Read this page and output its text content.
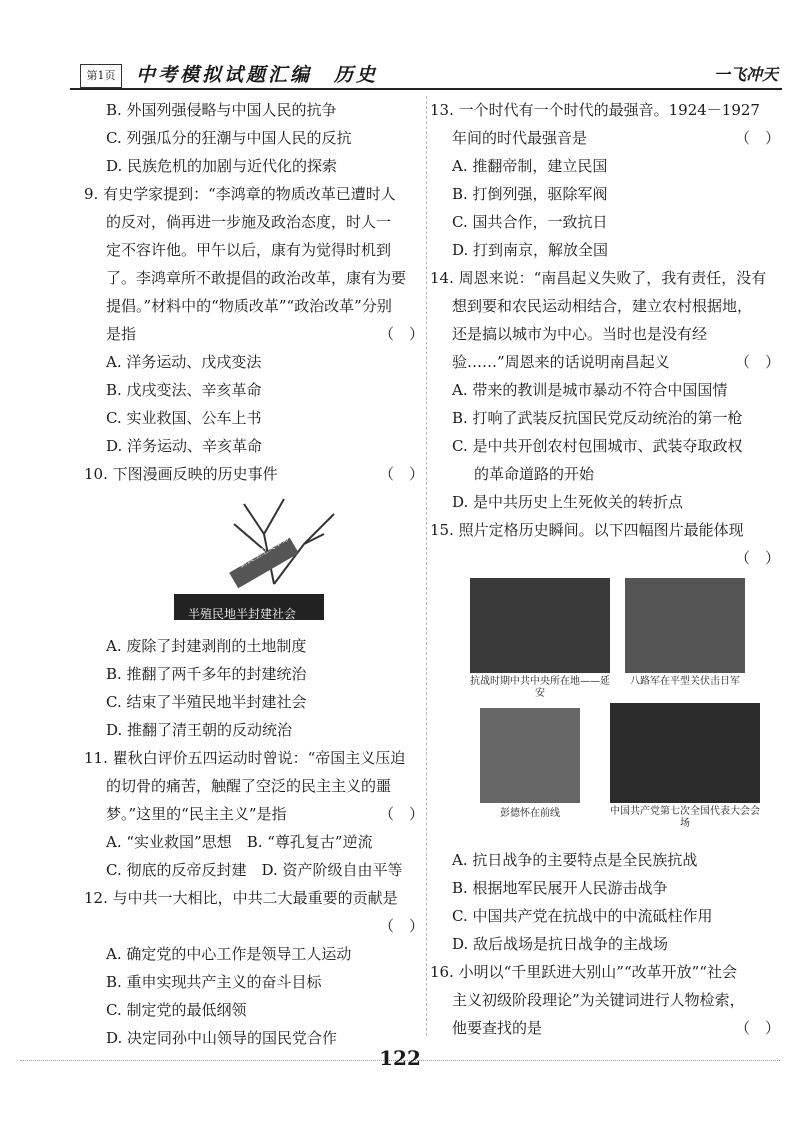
第1页	中考模拟试题汇编　历史	一飞冲天

B. 外国列强侵略与中国人民的抗争

C. 列强瓜分的狂潮与中国人民的反抗

D. 民族危机的加剧与近代化的探索

9. 有史学家提到：“李鸿章的物质改革已遭时人

的反对，倘再进一步施及政治态度，时人一

定不容许他。甲午以后，康有为觉得时机到

了。李鸿章所不敢提倡的政治改革，康有为要

提倡。”材料中的“物质改革”“政治改革”分别

是指	（　）

A. 洋务运动、戊戌变法

B. 戊戌变法、辛亥革命

C. 实业救国、公车上书

D. 洋务运动、辛亥革命

10. 下图漫画反映的历史事件	（　）

新民主主义革命
半殖民地半封建社会

A. 废除了封建剥削的土地制度

B. 推翻了两千多年的封建统治

C. 结束了半殖民地半封建社会

D. 推翻了清王朝的反动统治

11. 瞿秋白评价五四运动时曾说：“帝国主义压迫

的切骨的痛苦，触醒了空泛的民主主义的噩

梦。”这里的“民主主义”是指	（　）

A. “实业救国”思想　B. “尊孔复古”逆流

C. 彻底的反帝反封建　D. 资产阶级自由平等

12. 与中共一大相比，中共二大最重要的贡献是

（　）

A. 确定党的中心工作是领导工人运动

B. 重申实现共产主义的奋斗目标

C. 制定党的最低纲领

D. 决定同孙中山领导的国民党合作

13. 一个时代有一个时代的最强音。1924－1927

年间的时代最强音是	（　）

A. 推翻帝制，建立民国

B. 打倒列强，驱除军阀

C. 国共合作，一致抗日

D. 打到南京，解放全国

14. 周恩来说：“南昌起义失败了，我有责任，没有

想到要和农民运动相结合，建立农村根据地，

还是搞以城市为中心。当时也是没有经

验……”周恩来的话说明南昌起义	（　）

A. 带来的教训是城市暴动不符合中国国情

B. 打响了武装反抗国民党反动统治的第一枪

C. 是中共开创农村包围城市、武装夺取政权

的革命道路的开始

D. 是中共历史上生死攸关的转折点

15. 照片定格历史瞬间。以下四幅图片最能体现

（　）

抗战时期中共中央所在地——延安
八路军在平型关伏击日军
彭德怀在前线	中国共产党第七次全国代表大会会场

A. 抗日战争的主要特点是全民族抗战

B. 根据地军民展开人民游击战争

C. 中国共产党在抗战中的中流砥柱作用

D. 敌后战场是抗日战争的主战场

16. 小明以“千里跃进大别山”“改革开放”“社会

主义初级阶段理论”为关键词进行人物检索，

他要查找的是	（　）

122
